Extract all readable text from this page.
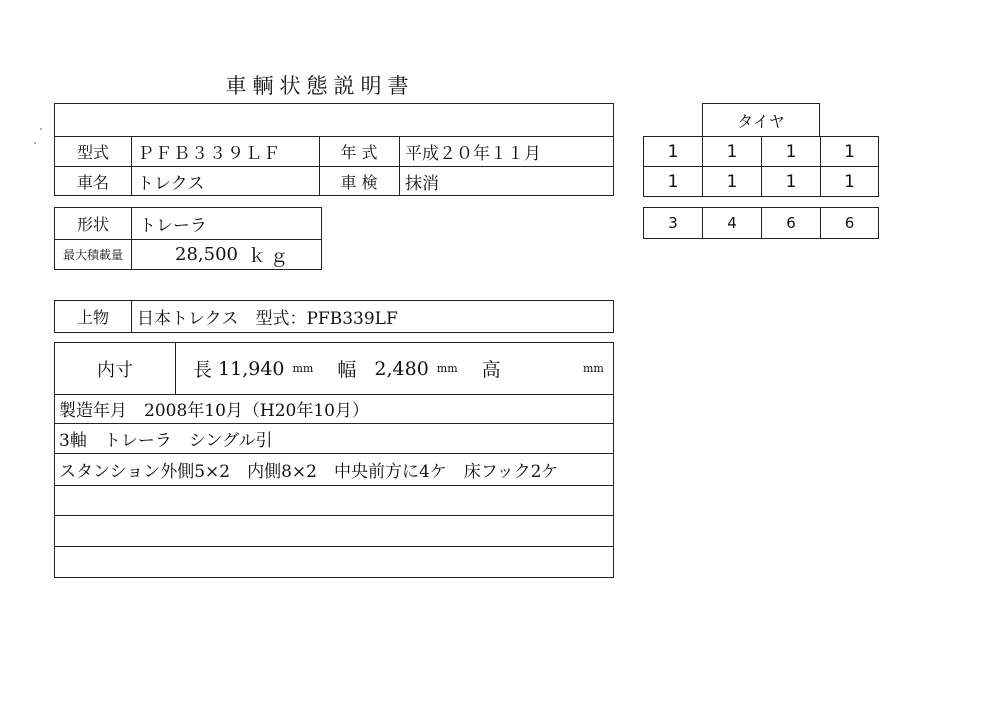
車輌状態説明書
型式	ＰＦＢ３３９ＬＦ	年 式	平成２０年１１月
車名	トレクス	車 検	抹消
形状	トレーラ
最大積載量	28,500 ｋｇ
タイヤ
1	1	1	1
1	1	1	1
3	4	6	6
上物	日本トレクス　型式：PFB339LF
内寸	長 11,940 mm 幅 2,480 mm 高	mm
製造年月　2008年10月（H20年10月）
3軸　トレーラ　シングル引
スタンション外側5×2　内側8×2　中央前方に4ケ　床フック2ケ
